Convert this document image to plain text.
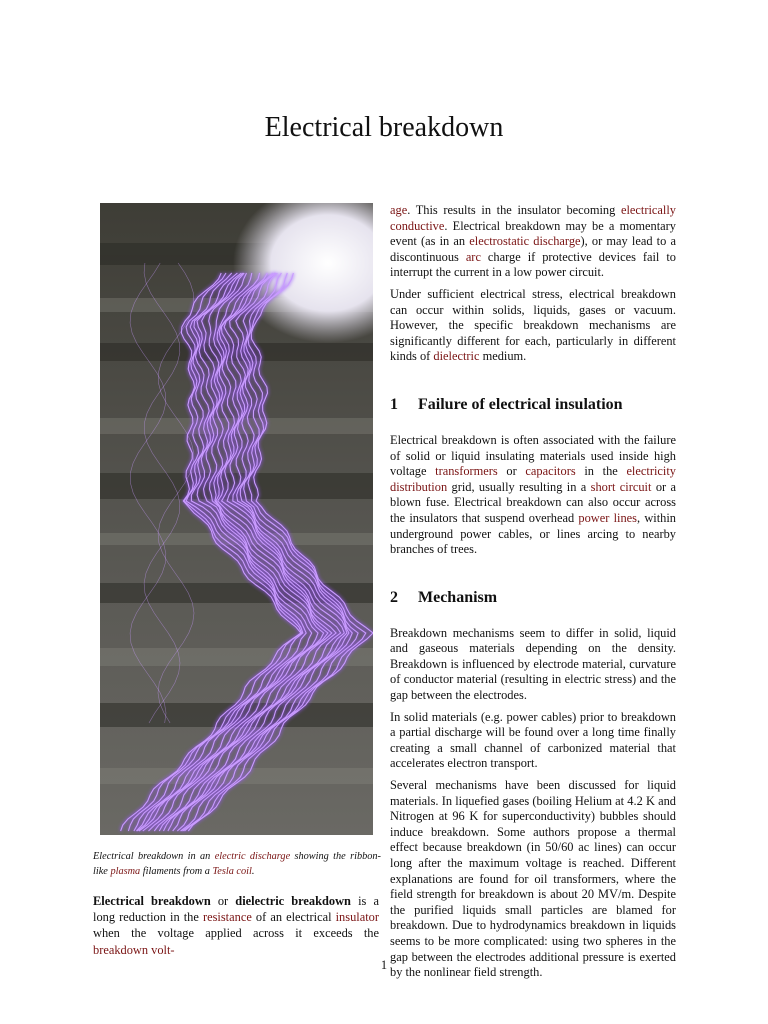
Electrical breakdown

Electrical breakdown in an electric discharge showing the ribbon-like plasma filaments from a Tesla coil.

Electrical breakdown or dielectric breakdown is a long reduction in the resistance of an electrical insulator when the voltage applied across it exceeds the breakdown volt-

age. This results in the insulator becoming electrically conductive. Electrical breakdown may be a momentary event (as in an electrostatic discharge), or may lead to a discontinuous arc charge if protective devices fail to interrupt the current in a low power circuit.

Under sufficient electrical stress, electrical breakdown can occur within solids, liquids, gases or vacuum. However, the specific breakdown mechanisms are significantly different for each, particularly in different kinds of dielectric medium.

1 Failure of electrical insulation

Electrical breakdown is often associated with the failure of solid or liquid insulating materials used inside high voltage transformers or capacitors in the electricity distribution grid, usually resulting in a short circuit or a blown fuse. Electrical breakdown can also occur across the insulators that suspend overhead power lines, within underground power cables, or lines arcing to nearby branches of trees.

2 Mechanism

Breakdown mechanisms seem to differ in solid, liquid and gaseous materials depending on the density. Breakdown is influenced by electrode material, curvature of conductor material (resulting in electric stress) and the gap between the electrodes.

In solid materials (e.g. power cables) prior to breakdown a partial discharge will be found over a long time finally creating a small channel of carbonized material that accelerates electron transport.

Several mechanisms have been discussed for liquid materials. In liquefied gases (boiling Helium at 4.2 K and Nitrogen at 96 K for superconductivity) bubbles should induce breakdown. Some authors propose a thermal effect because breakdown (in 50/60 ac lines) can occur long after the maximum voltage is reached. Different explanations are found for oil transformers, where the field strength for breakdown is about 20 MV/m. Despite the purified liquids small particles are blamed for breakdown. Due to hydrodynamics breakdown in liquids seems to be more complicated: using two spheres in the gap between the electrodes additional pressure is exerted by the nonlinear field strength.

1
